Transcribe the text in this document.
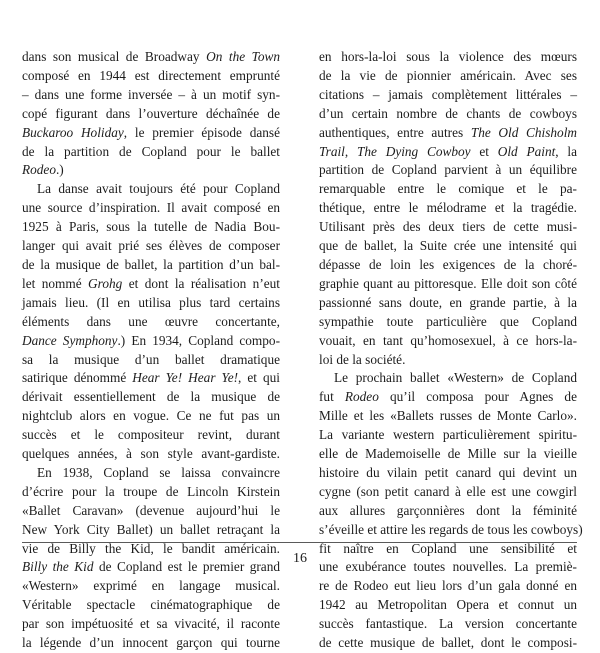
dans son musical de Broadway On the Town
composé en 1944 est directement emprunté
– dans une forme inversée – à un motif syn-
copé figurant dans l’ouverture déchaînée de
Buckaroo Holiday, le premier épisode dansé
de la partition de Copland pour le ballet
Rodeo.)
La danse avait toujours été pour Copland
une source d’inspiration. Il avait composé en
1925 à Paris, sous la tutelle de Nadia Bou-
langer qui avait prié ses élèves de composer
de la musique de ballet, la partition d’un bal-
let nommé Grohg et dont la réalisation n’eut
jamais lieu. (Il en utilisa plus tard certains
éléments dans une œuvre concertante,
Dance Symphony.) En 1934, Copland compo-
sa la musique d’un ballet dramatique
satirique dénommé Hear Ye! Hear Ye!, et qui
dérivait essentiellement de la musique de
nightclub alors en vogue. Ce ne fut pas un
succès et le compositeur revint, durant
quelques années, à son style avant-gardiste.
En 1938, Copland se laissa convaincre
d’écrire pour la troupe de Lincoln Kirstein
«Ballet Caravan» (devenue aujourd’hui le
New York City Ballet) un ballet retraçant la
vie de Billy the Kid, le bandit américain.
Billy the Kid de Copland est le premier grand
«Western» exprimé en langage musical.
Véritable spectacle cinématographique de
par son impétuosité et sa vivacité, il raconte
la légende d’un innocent garçon qui tourne
en hors-la-loi sous la violence des mœurs
de la vie de pionnier américain. Avec ses
citations – jamais complètement littérales –
d’un certain nombre de chants de cowboys
authentiques, entre autres The Old Chisholm
Trail, The Dying Cowboy et Old Paint, la
partition de Copland parvient à un équilibre
remarquable entre le comique et le pa-
thétique, entre le mélodrame et la tragédie.
Utilisant près des deux tiers de cette musi-
que de ballet, la Suite crée une intensité qui
dépasse de loin les exigences de la choré-
graphie quant au pittoresque. Elle doit son côté
passionné sans doute, en grande partie, à la
sympathie toute particulière que Copland
vouait, en tant qu’homosexuel, à ce hors-la-
loi de la société.
Le prochain ballet «Western» de Copland
fut Rodeo qu’il composa pour Agnes de
Mille et les «Ballets russes de Monte Carlo».
La variante western particulièrement spiritu-
elle de Mademoiselle de Mille sur la vieille
histoire du vilain petit canard qui devint un
cygne (son petit canard à elle est une cowgirl
aux allures garçonnières dont la féminité
s’éveille et attire les regards de tous les cowboys)
fit naître en Copland une sensibilité et
une exubérance toutes nouvelles. La premiè-
re de Rodeo eut lieu lors d’un gala donné en
1942 au Metropolitan Opera et connut un
succès fantastique. La version concertante
de cette musique de ballet, dont le composi-
16
